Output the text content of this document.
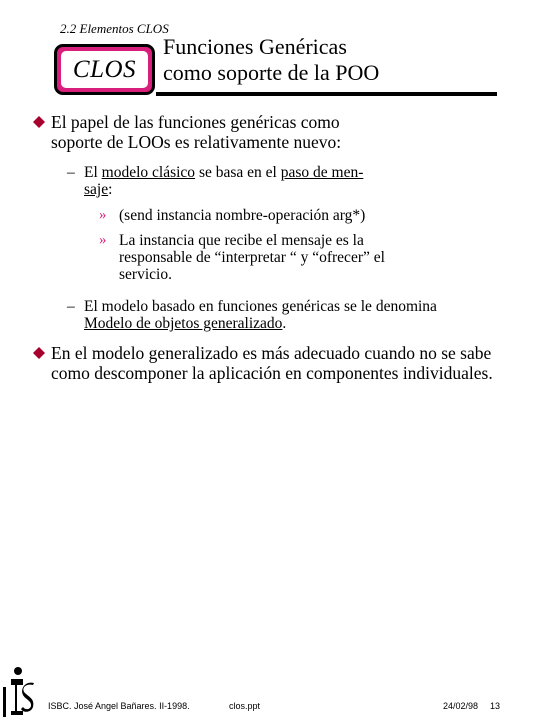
2.2 Elementos CLOS
CLOS
Funciones Genéricas
como soporte de la POO
El papel de las funciones genéricas como
soporte de LOOs es relativamente nuevo:
– El modelo clásico se basa en el paso de men-
saje:
» (send instancia nombre-operación arg*)
» La instancia que recibe el mensaje es la responsable de “interpretar “ y “ofrecer” el servicio.
– El modelo basado en funciones genéricas se le denomina Modelo de objetos generalizado.
En el modelo generalizado es más adecuado cuando no se sabe como descomponer la aplicación en componentes individuales.
ISBC. José Angel Bañares. II-1998.	clos.ppt	24/02/98 13
